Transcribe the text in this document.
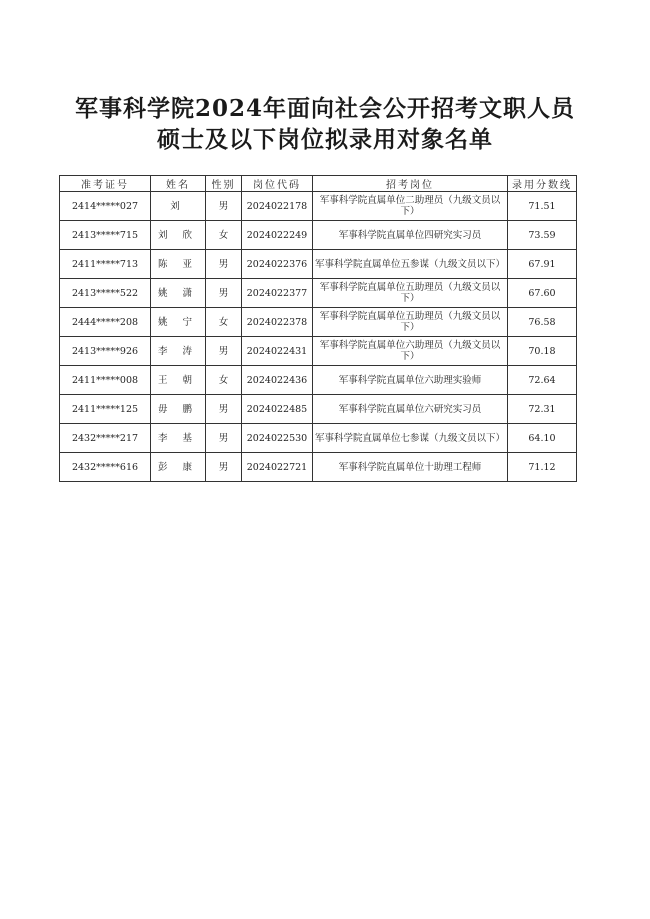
军事科学院2024年面向社会公开招考文职人员
硕士及以下岗位拟录用对象名单
准考证号	姓名	性别	岗位代码	招考岗位	录用分数线
2414*****027	刘	男	2024022178	军事科学院直属单位二助理员（九级文员以下）	71.51
2413*****715	刘 欣	女	2024022249	军事科学院直属单位四研究实习员	73.59
2411*****713	陈 亚	男	2024022376	军事科学院直属单位五参谋（九级文员以下）	67.91
2413*****522	姚 潇	男	2024022377	军事科学院直属单位五助理员（九级文员以下）	67.60
2444*****208	姚 宁	女	2024022378	军事科学院直属单位五助理员（九级文员以下）	76.58
2413*****926	李 涛	男	2024022431	军事科学院直属单位六助理员（九级文员以下）	70.18
2411*****008	王 朝	女	2024022436	军事科学院直属单位六助理实验师	72.64
2411*****125	毋 鹏	男	2024022485	军事科学院直属单位六研究实习员	72.31
2432*****217	李 基	男	2024022530	军事科学院直属单位七参谋（九级文员以下）	64.10
2432*****616	彭 康	男	2024022721	军事科学院直属单位十助理工程师	71.12
